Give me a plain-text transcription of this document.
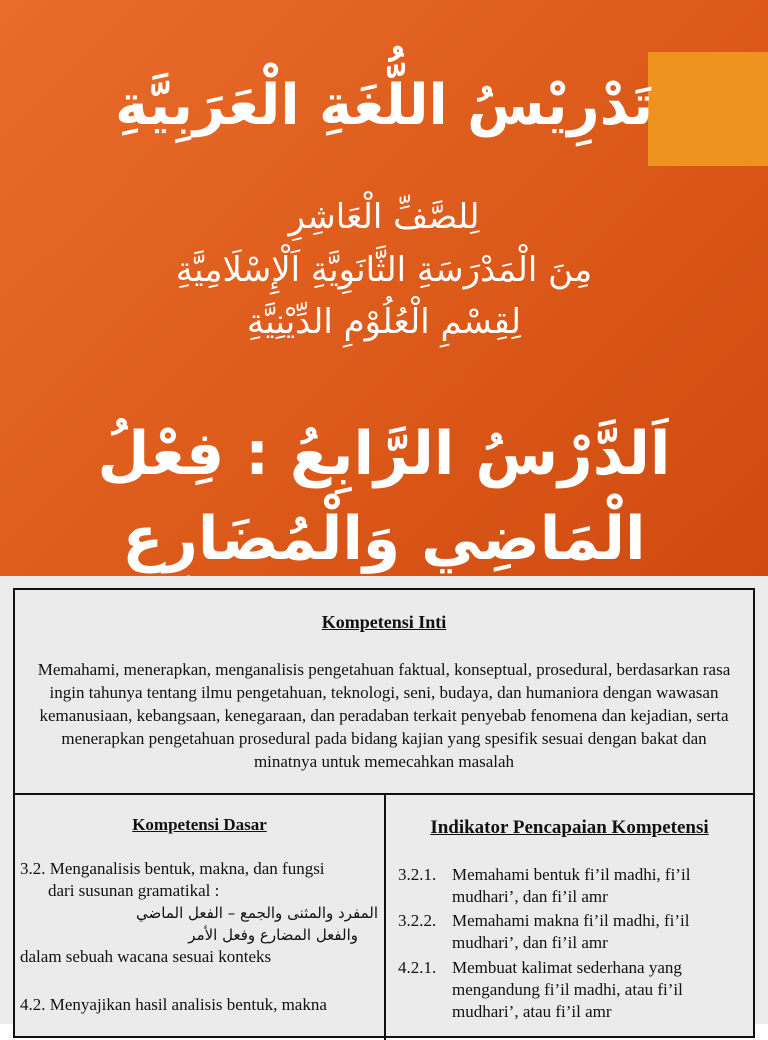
تَدْرِيْسُ اللُّغَةِ الْعَرَبِيَّةِ
لِلصَّفِّ الْعَاشِرِ
مِنَ الْمَدْرَسَةِ الثَّانَوِيَّةِ اَلْإِسْلَامِيَّةِ
لِقِسْمِ الْعُلُوْمِ الدِّيْنِيَّةِ
اَلدَّرْسُ الرَّابِعُ : فِعْلُ
الْمَاضِي وَالْمُضَارِعِ
Kompetensi Inti

Memahami, menerapkan, menganalisis pengetahuan faktual, konseptual, prosedural, berdasarkan rasa ingin tahunya tentang ilmu pengetahuan, teknologi, seni, budaya, dan humaniora dengan wawasan kemanusiaan, kebangsaan, kenegaraan, dan peradaban terkait penyebab fenomena dan kejadian, serta menerapkan pengetahuan prosedural pada bidang kajian yang spesifik sesuai dengan bakat dan minatnya untuk memecahkan masalah

Kompetensi Dasar
3.2. Menganalisis bentuk, makna, dan fungsi
dari susunan gramatikal :
المفرد والمثنى والجمع – الفعل الماضي
والفعل المضارع وفعل الأمر
dalam sebuah wacana sesuai konteks
4.2. Menyajikan hasil analisis bentuk, makna
Indikator Pencapaian Kompetensi
3.2.1. Memahami bentuk fi’il madhi, fi’il mudhari’, dan fi’il amr
3.2.2. Memahami makna fi’il madhi, fi’il mudhari’, dan fi’il amr
4.2.1. Membuat kalimat sederhana yang mengandung fi’il madhi, atau fi’il mudhari’, atau fi’il amr
